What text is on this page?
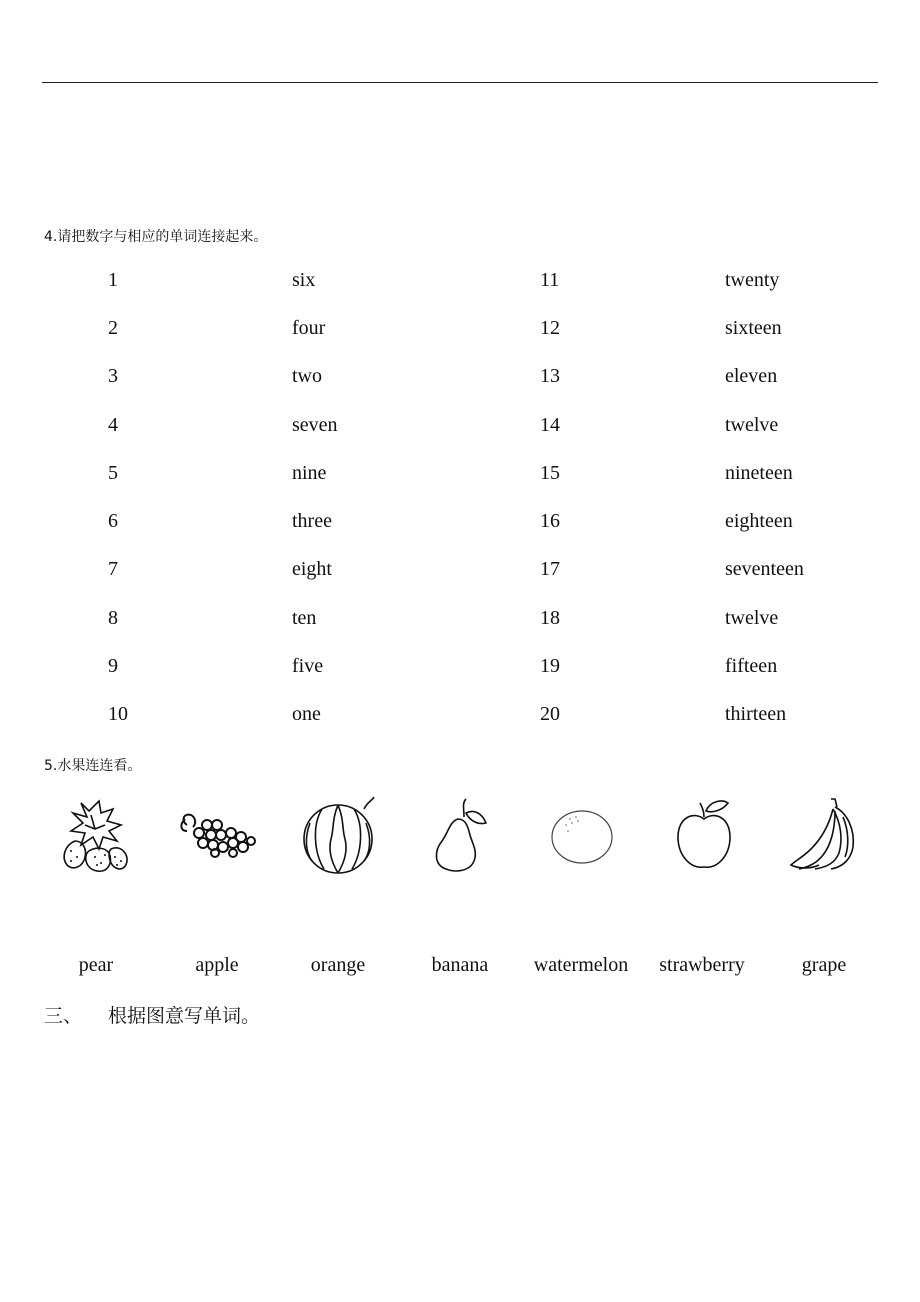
4.请把数字与相应的单词连接起来。
1	six	11	twenty
2	four	12	sixteen
3	two	13	eleven
4	seven	14	twelve
5	nine	15	nineteen
6	three	16	eighteen
7	eight	17	seventeen
8	ten	18	twelve
9	five	19	fifteen
10	one	20	thirteen
5.水果连连看。
pear	apple	orange	banana	watermelon	strawberry	grape
三、 根据图意写单词。
